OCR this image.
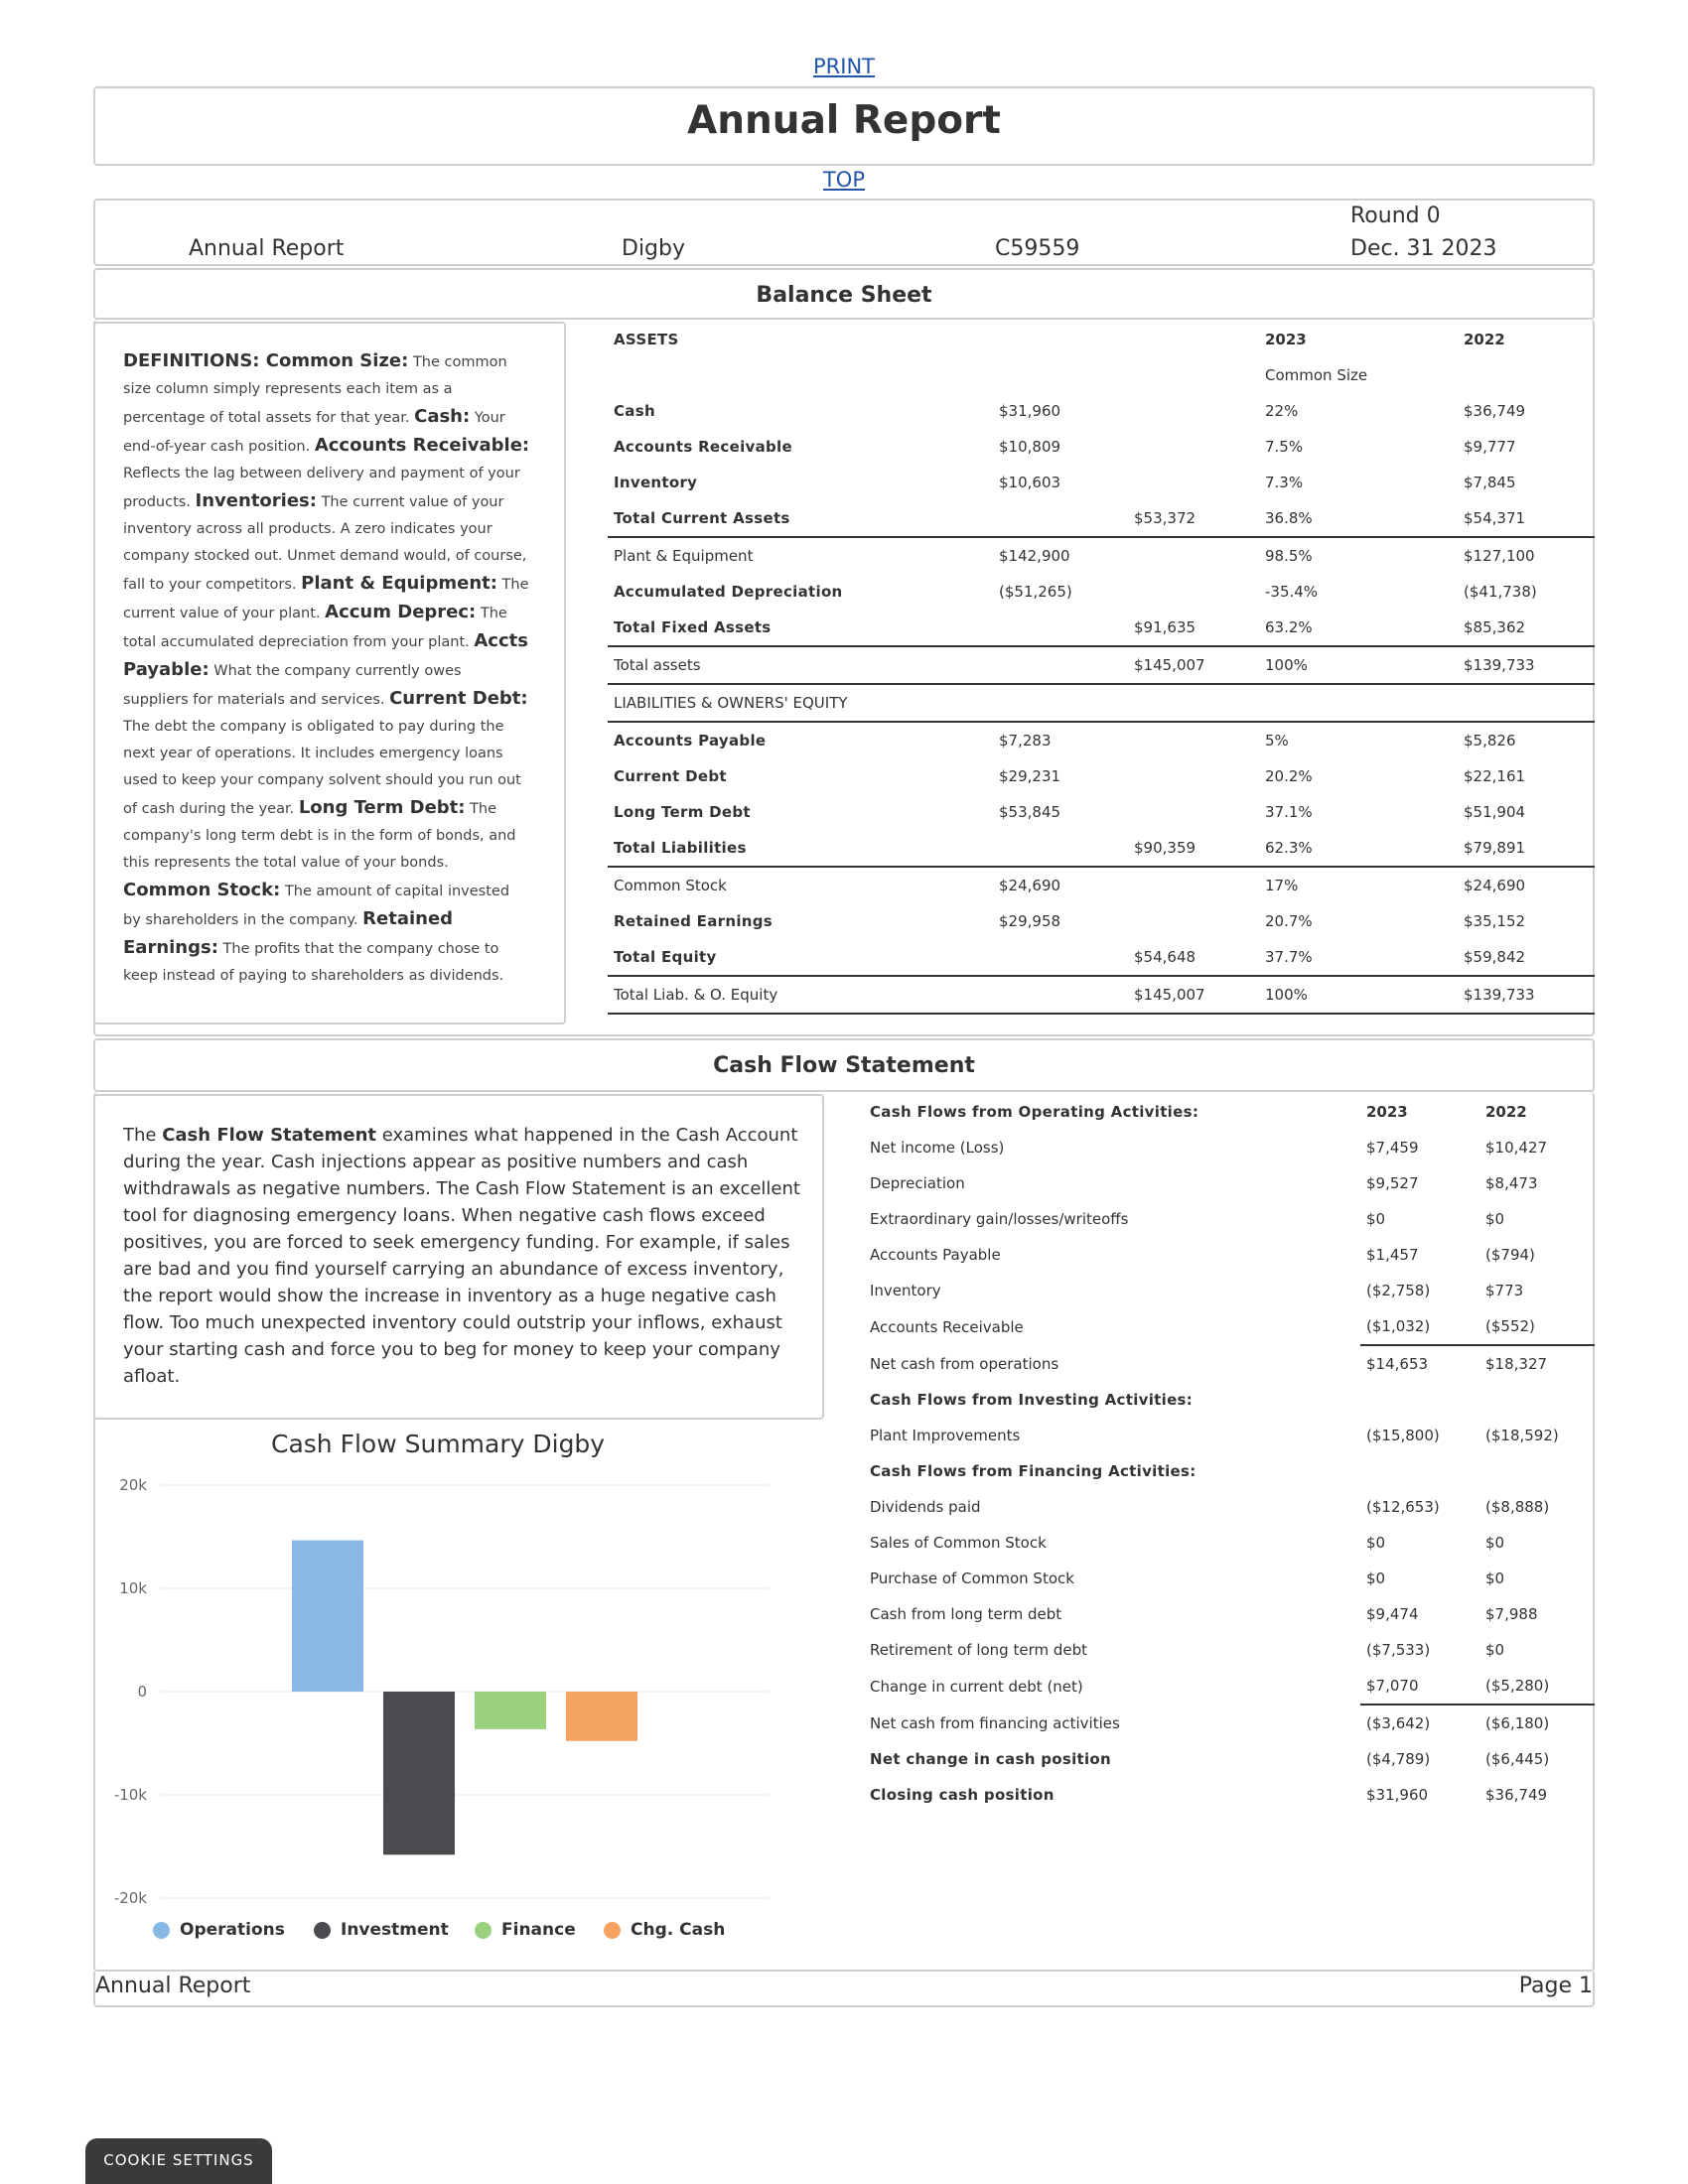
PRINT
Annual Report
TOP
Annual Report	Digby	C59559
Round 0
Dec. 31 2023
Balance Sheet
DEFINITIONS: Common Size: The common size column simply represents each item as a percentage of total assets for that year. Cash: Your end-of-year cash position. Accounts Receivable: Reflects the lag between delivery and payment of your products. Inventories: The current value of your inventory across all products. A zero indicates your company stocked out. Unmet demand would, of course, fall to your competitors. Plant & Equipment: The current value of your plant. Accum Deprec: The total accumulated depreciation from your plant. Accts Payable: What the company currently owes suppliers for materials and services. Current Debt: The debt the company is obligated to pay during the next year of operations. It includes emergency loans used to keep your company solvent should you run out of cash during the year. Long Term Debt: The company's long term debt is in the form of bonds, and this represents the total value of your bonds. Common Stock: The amount of capital invested by shareholders in the company. Retained Earnings: The profits that the company chose to keep instead of paying to shareholders as dividends.
ASSETS			2023	2022
			Common Size	
Cash	$31,960		22%	$36,749
Accounts Receivable	$10,809		7.5%	$9,777
Inventory	$10,603		7.3%	$7,845
Total Current Assets		$53,372	36.8%	$54,371
Plant & Equipment	$142,900		98.5%	$127,100
Accumulated Depreciation	($51,265)		-35.4%	($41,738)
Total Fixed Assets		$91,635	63.2%	$85,362
Total assets		$145,007	100%	$139,733
LIABILITIES & OWNERS' EQUITY				
Accounts Payable	$7,283		5%	$5,826
Current Debt	$29,231		20.2%	$22,161
Long Term Debt	$53,845		37.1%	$51,904
Total Liabilities		$90,359	62.3%	$79,891
Common Stock	$24,690		17%	$24,690
Retained Earnings	$29,958		20.7%	$35,152
Total Equity		$54,648	37.7%	$59,842
Total Liab. & O. Equity		$145,007	100%	$139,733
Cash Flow Statement
The Cash Flow Statement examines what happened in the Cash Account during the year. Cash injections appear as positive numbers and cash withdrawals as negative numbers. The Cash Flow Statement is an excellent tool for diagnosing emergency loans. When negative cash flows exceed positives, you are forced to seek emergency funding. For example, if sales are bad and you find yourself carrying an abundance of excess inventory, the report would show the increase in inventory as a huge negative cash flow. Too much unexpected inventory could outstrip your inflows, exhaust your starting cash and force you to beg for money to keep your company afloat.
Cash Flow Summary Digby
20k
10k
0
-10k
-20k
Operations	Investment	Finance	Chg. Cash
Cash Flows from Operating Activities:	2023	2022
Net income (Loss)	$7,459	$10,427
Depreciation	$9,527	$8,473
Extraordinary gain/losses/writeoffs	$0	$0
Accounts Payable	$1,457	($794)
Inventory	($2,758)	$773
Accounts Receivable	($1,032)	($552)
Net cash from operations	$14,653	$18,327
Cash Flows from Investing Activities:		
Plant Improvements	($15,800)	($18,592)
Cash Flows from Financing Activities:		
Dividends paid	($12,653)	($8,888)
Sales of Common Stock	$0	$0
Purchase of Common Stock	$0	$0
Cash from long term debt	$9,474	$7,988
Retirement of long term debt	($7,533)	$0
Change in current debt (net)	$7,070	($5,280)
Net cash from financing activities	($3,642)	($6,180)
Net change in cash position	($4,789)	($6,445)
Closing cash position	$31,960	$36,749
Annual Report	Page 1
COOKIE SETTINGS
